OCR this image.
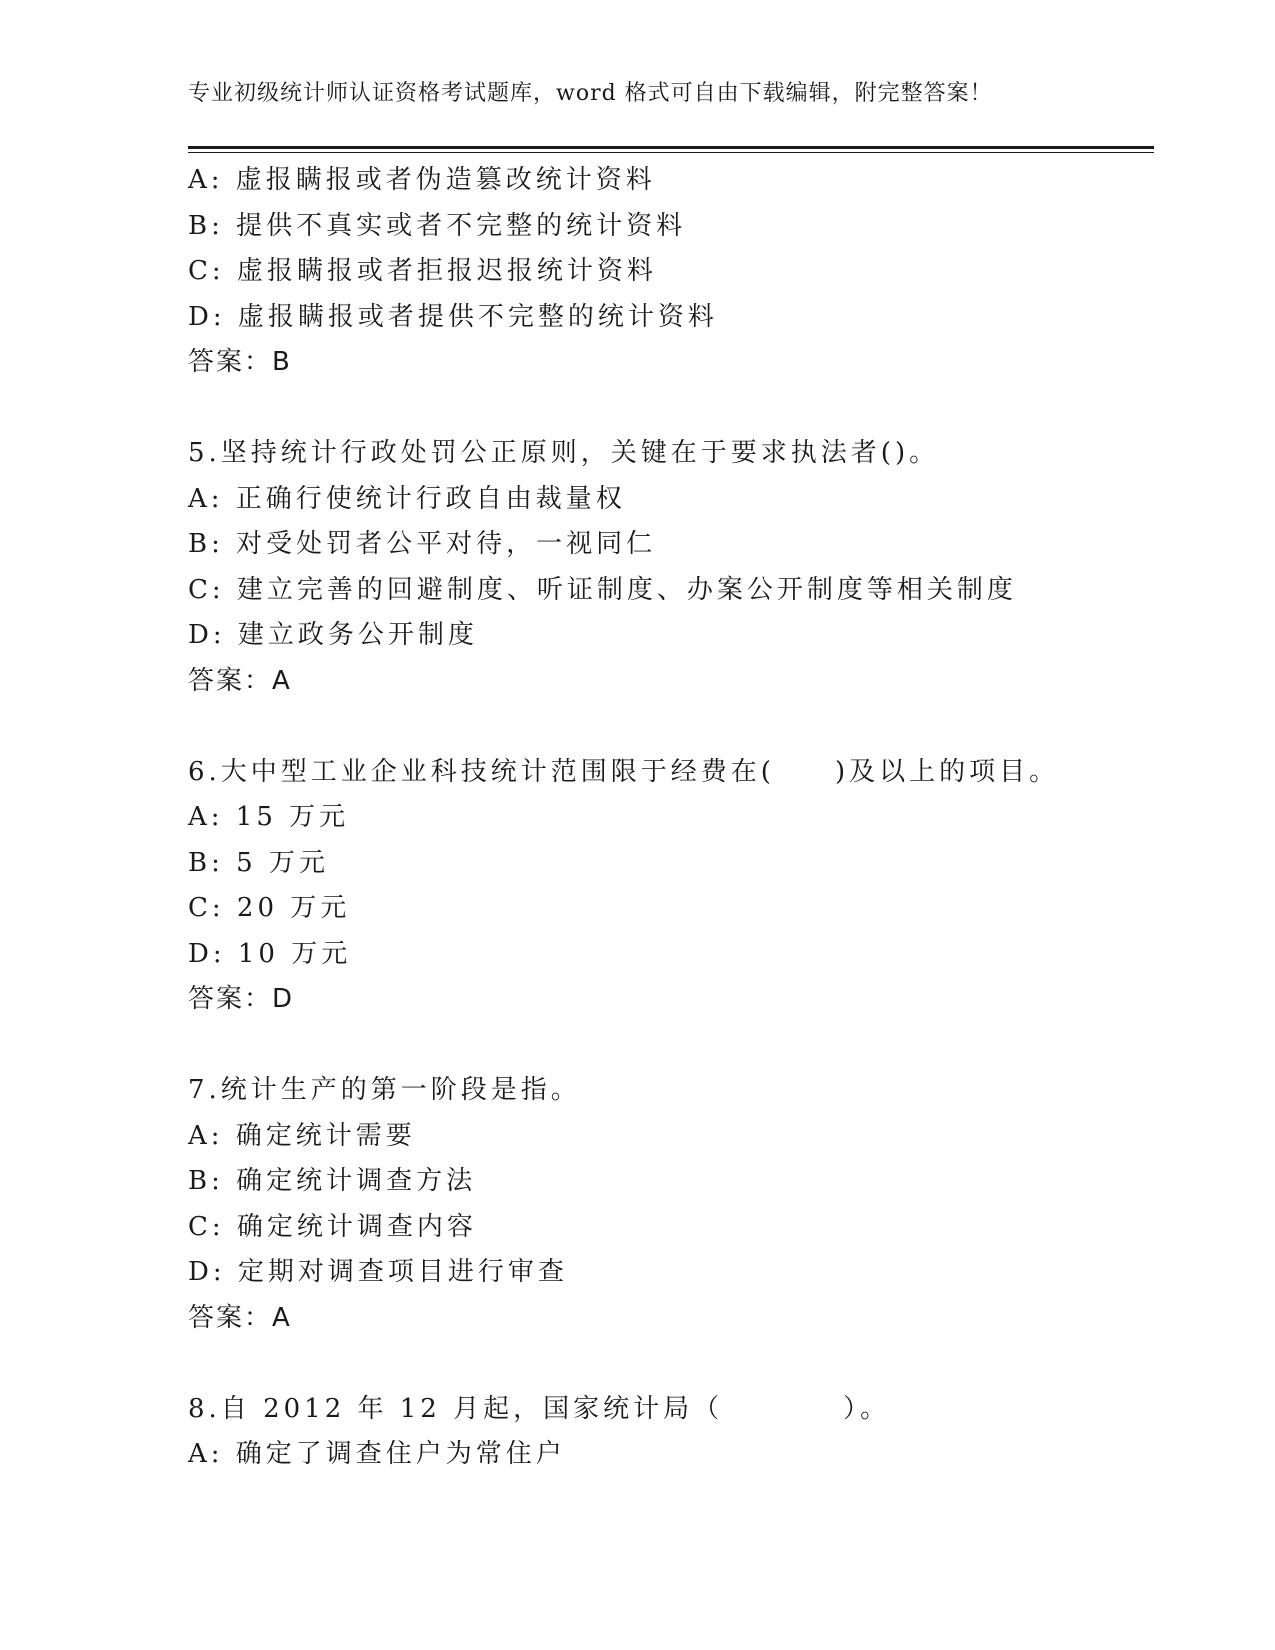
专业初级统计师认证资格考试题库，word 格式可自由下载编辑，附完整答案！
A: 虚报瞒报或者伪造篡改统计资料
B: 提供不真实或者不完整的统计资料
C: 虚报瞒报或者拒报迟报统计资料
D: 虚报瞒报或者提供不完整的统计资料
答案：B
5.坚持统计行政处罚公正原则，关键在于要求执法者()。
A: 正确行使统计行政自由裁量权
B: 对受处罚者公平对待，一视同仁
C: 建立完善的回避制度、听证制度、办案公开制度等相关制度
D: 建立政务公开制度
答案：A
6.大中型工业企业科技统计范围限于经费在(　　)及以上的项目。
A: 15 万元
B: 5 万元
C: 20 万元
D: 10 万元
答案：D
7.统计生产的第一阶段是指。
A: 确定统计需要
B: 确定统计调查方法
C: 确定统计调查内容
D: 定期对调查项目进行审查
答案：A
8.自 2012 年 12 月起，国家统计局（　　　　）。
A: 确定了调查住户为常住户
